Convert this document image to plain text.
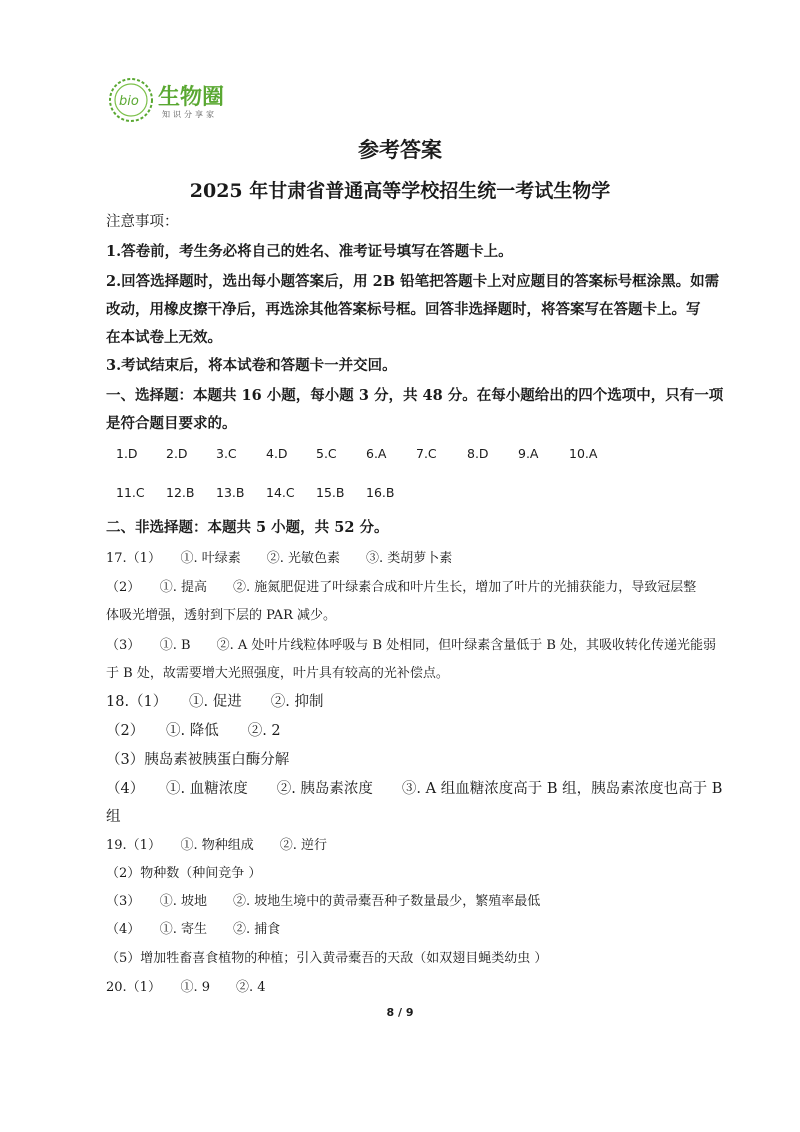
bio 生物圈
知识分享家
参考答案
2025 年甘肃省普通高等学校招生统一考试生物学
注意事项：
1.答卷前，考生务必将自己的姓名、准考证号填写在答题卡上。
2.回答选择题时，选出每小题答案后，用 2B 铅笔把答题卡上对应题目的答案标号框涂黑。如需
改动，用橡皮擦干净后，再选涂其他答案标号框。回答非选择题时，将答案写在答题卡上。写
在本试卷上无效。
3.考试结束后，将本试卷和答题卡一并交回。
一、选择题：本题共 16 小题，每小题 3 分，共 48 分。在每小题给出的四个选项中，只有一项
是符合题目要求的。
1.D 2.D 3.C 4.D 5.C 6.A 7.C 8.D 9.A 10.A
11.C 12.B 13.B 14.C 15.B 16.B
二、非选择题：本题共 5 小题，共 52 分。
17.（1）　　①. 叶绿素　　②. 光敏色素　　③. 类胡萝卜素
（2）　　①. 提高　　②. 施氮肥促进了叶绿素合成和叶片生长，增加了叶片的光捕获能力，导致冠层整
体吸光增强，透射到下层的 PAR 减少。
（3）　　①. B　　②. A 处叶片线粒体呼吸与 B 处相同，但叶绿素含量低于 B 处，其吸收转化传递光能弱
于 B 处，故需要增大光照强度，叶片具有较高的光补偿点。
18.（1）　　①. 促进　　②. 抑制
（2）　　①. 降低　　②. 2
（3）胰岛素被胰蛋白酶分解
（4）　　①. 血糖浓度　　②. 胰岛素浓度　　③. A 组血糖浓度高于 B 组，胰岛素浓度也高于 B
组
19.（1）　　①. 物种组成　　②. 逆行
（2）物种数（种间竞争 ）
（3）　　①. 坡地　　②. 坡地生境中的黄帚橐吾种子数量最少，繁殖率最低
（4）　　①. 寄生　　②. 捕食
（5）增加牲畜喜食植物的种植；引入黄帚橐吾的天敌（如双翅目蝇类幼虫 ）
20.（1）　　①. 9　　②. 4
8 / 9
